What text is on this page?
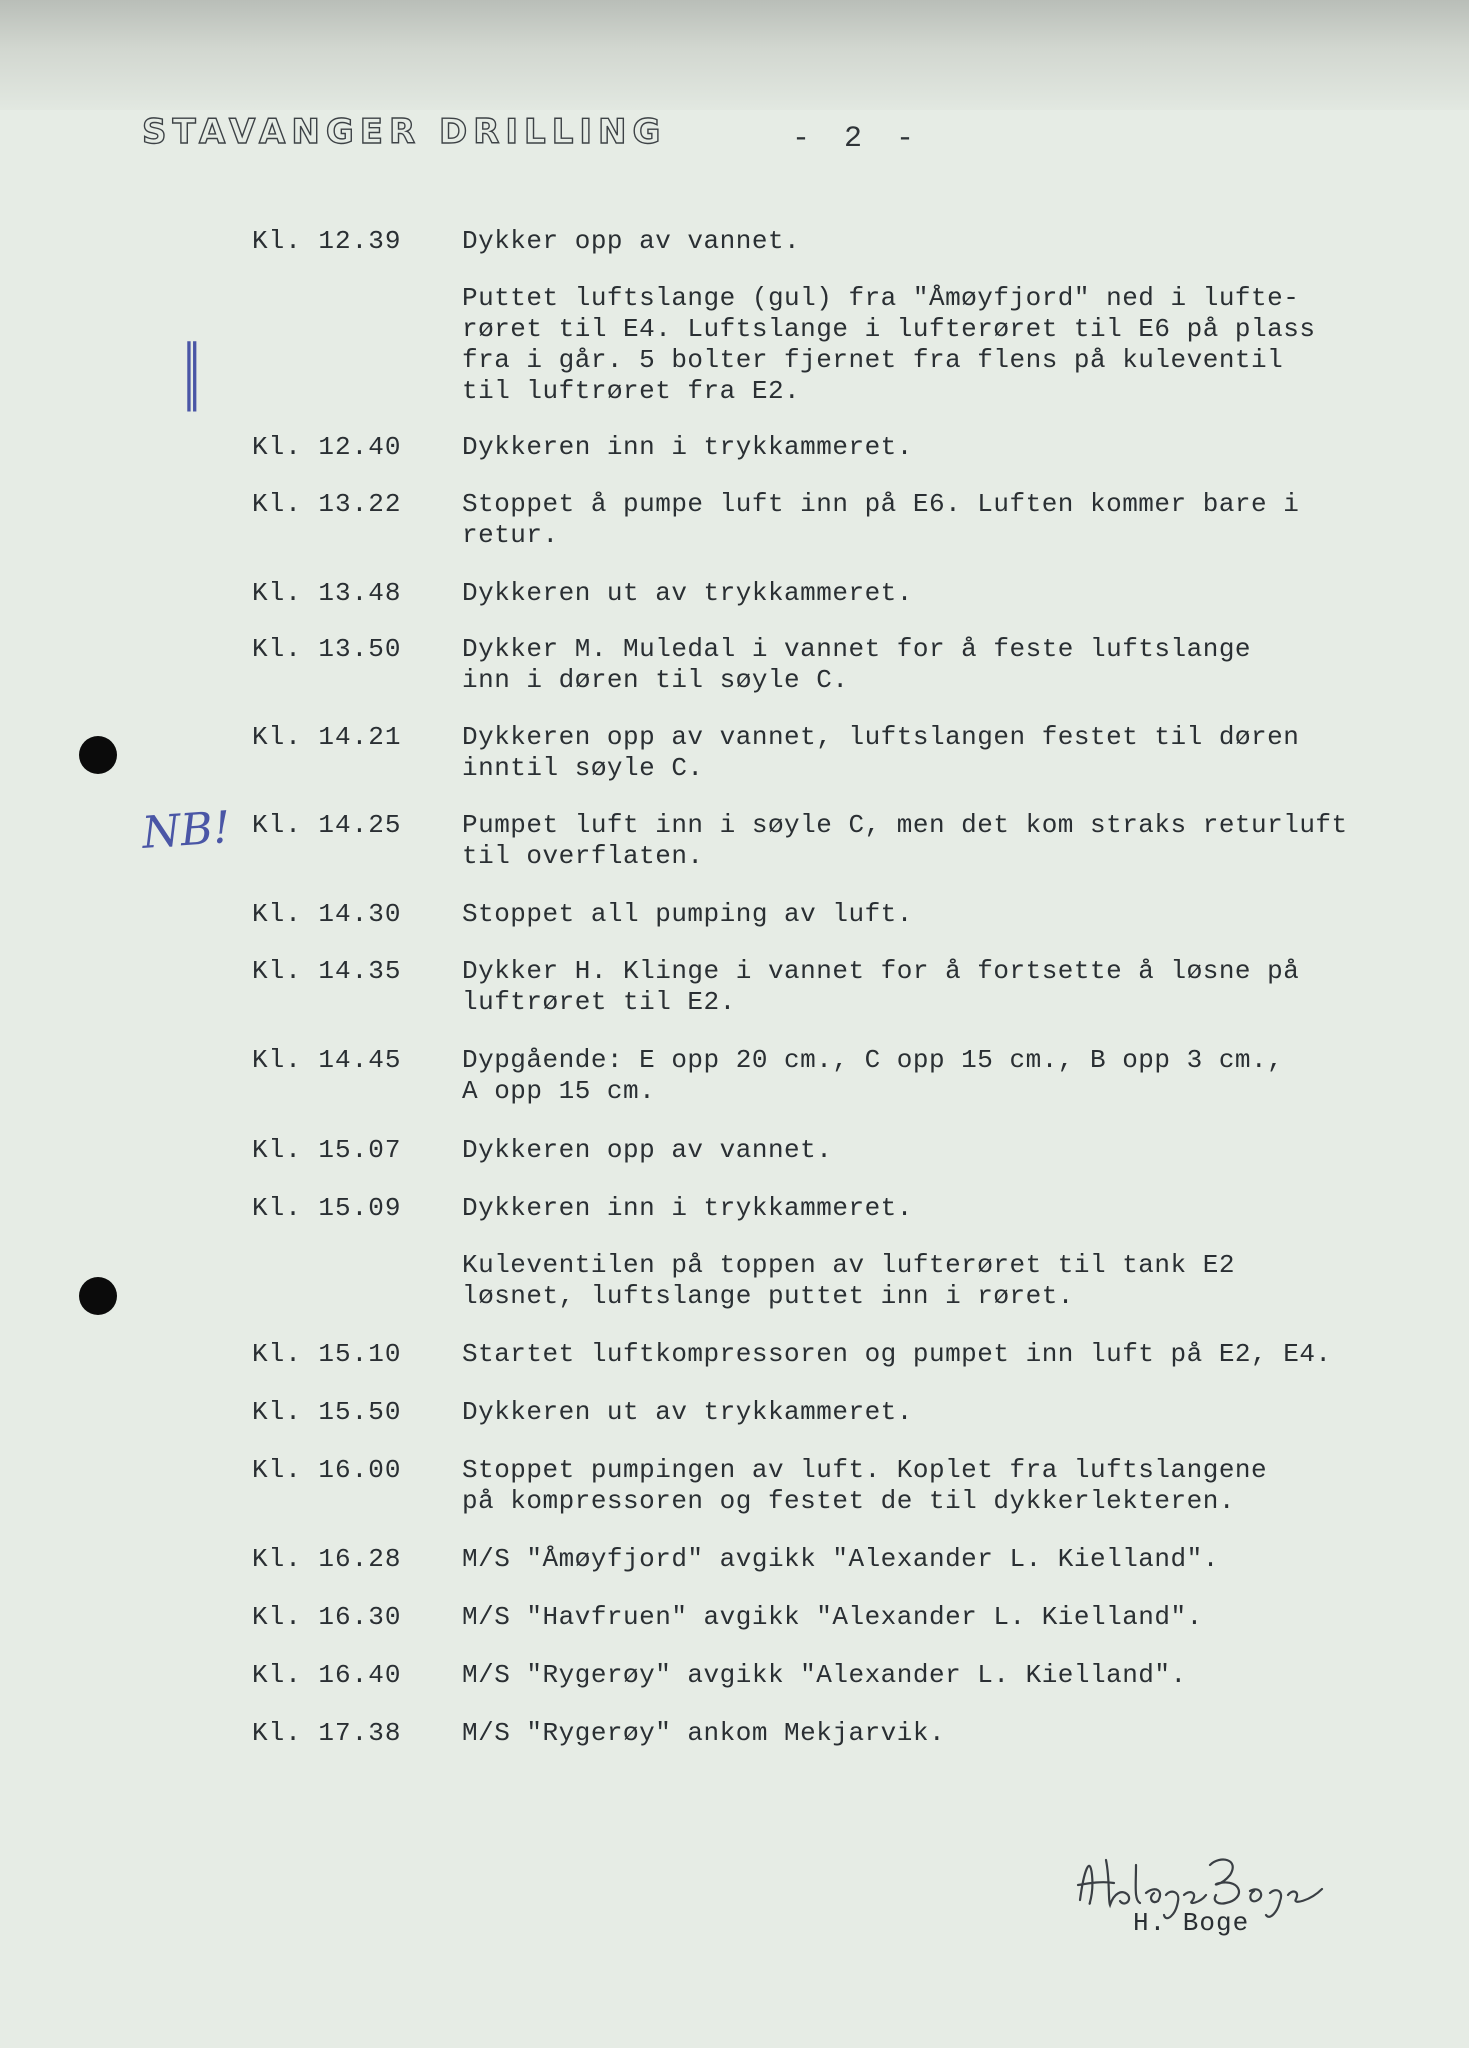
STAVANGER DRILLING	- 2 -
||
NB!
Kl. 12.39	Dykker opp av vannet.
Puttet luftslange (gul) fra "Åmøyfjord" ned i lufte-
røret til E4. Luftslange i lufterøret til E6 på plass
fra i går. 5 bolter fjernet fra flens på kuleventil
til luftrøret fra E2.
Kl. 12.40	Dykkeren inn i trykkammeret.
Kl. 13.22	Stoppet å pumpe luft inn på E6. Luften kommer bare i
retur.
Kl. 13.48	Dykkeren ut av trykkammeret.
Kl. 13.50	Dykker M. Muledal i vannet for å feste luftslange
inn i døren til søyle C.
Kl. 14.21	Dykkeren opp av vannet, luftslangen festet til døren
inntil søyle C.
Kl. 14.25	Pumpet luft inn i søyle C, men det kom straks returluft
til overflaten.
Kl. 14.30	Stoppet all pumping av luft.
Kl. 14.35	Dykker H. Klinge i vannet for å fortsette å løsne på
luftrøret til E2.
Kl. 14.45	Dypgående: E opp 20 cm., C opp 15 cm., B opp 3 cm.,
A opp 15 cm.
Kl. 15.07	Dykkeren opp av vannet.
Kl. 15.09	Dykkeren inn i trykkammeret.
Kuleventilen på toppen av lufterøret til tank E2
løsnet, luftslange puttet inn i røret.
Kl. 15.10	Startet luftkompressoren og pumpet inn luft på E2, E4.
Kl. 15.50	Dykkeren ut av trykkammeret.
Kl. 16.00	Stoppet pumpingen av luft. Koplet fra luftslangene
på kompressoren og festet de til dykkerlekteren.
Kl. 16.28	M/S "Åmøyfjord" avgikk "Alexander L. Kielland".
Kl. 16.30	M/S "Havfruen" avgikk "Alexander L. Kielland".
Kl. 16.40	M/S "Rygerøy" avgikk "Alexander L. Kielland".
Kl. 17.38	M/S "Rygerøy" ankom Mekjarvik.
H. Boge
